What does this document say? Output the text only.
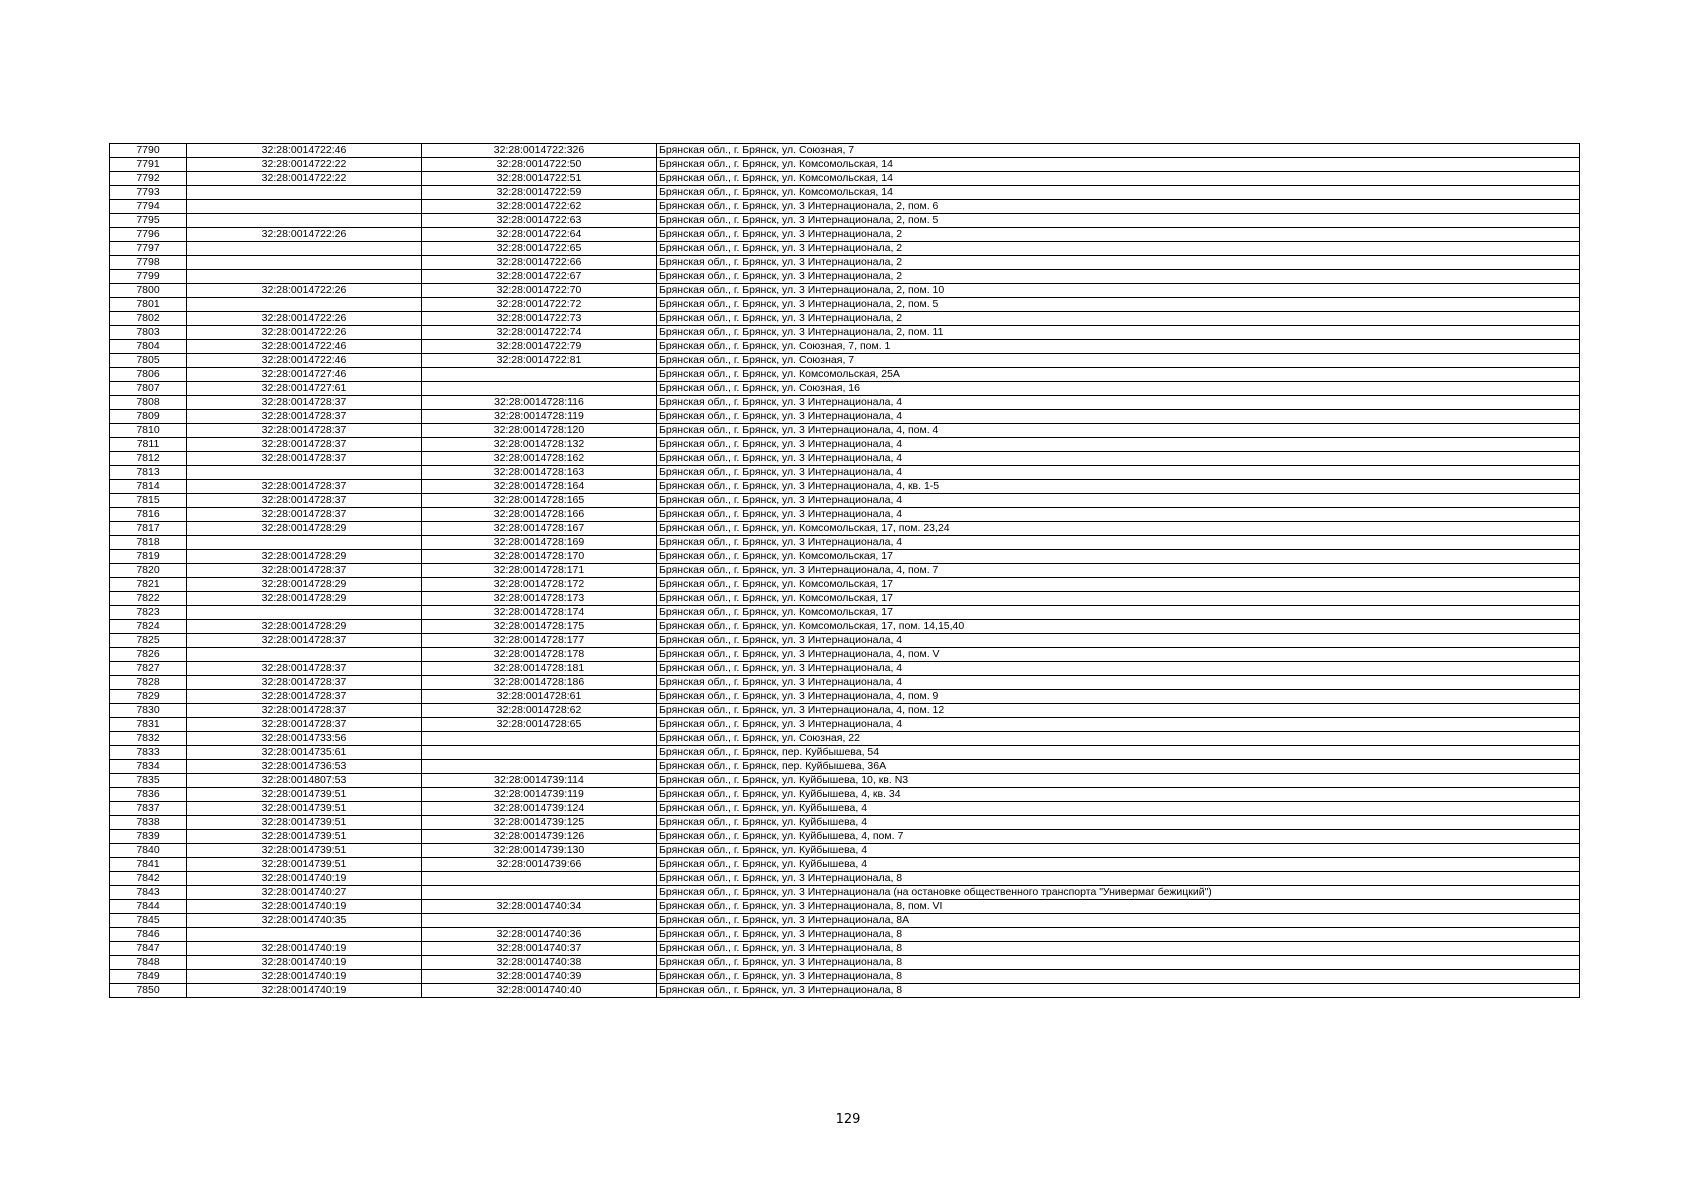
7790	32:28:0014722:46	32:28:0014722:326	Брянская обл., г. Брянск, ул. Союзная, 7
7791	32:28:0014722:22	32:28:0014722:50	Брянская обл., г. Брянск, ул. Комсомольская, 14
7792	32:28:0014722:22	32:28:0014722:51	Брянская обл., г. Брянск, ул. Комсомольская, 14
7793		32:28:0014722:59	Брянская обл., г. Брянск, ул. Комсомольская, 14
7794		32:28:0014722:62	Брянская обл., г. Брянск, ул. 3 Интернационала, 2, пом. 6
7795		32:28:0014722:63	Брянская обл., г. Брянск, ул. 3 Интернационала, 2, пом. 5
7796	32:28:0014722:26	32:28:0014722:64	Брянская обл., г. Брянск, ул. 3 Интернационала, 2
7797		32:28:0014722:65	Брянская обл., г. Брянск, ул. 3 Интернационала, 2
7798		32:28:0014722:66	Брянская обл., г. Брянск, ул. 3 Интернационала, 2
7799		32:28:0014722:67	Брянская обл., г. Брянск, ул. 3 Интернационала, 2
7800	32:28:0014722:26	32:28:0014722:70	Брянская обл., г. Брянск, ул. 3 Интернационала, 2, пом. 10
7801		32:28:0014722:72	Брянская обл., г. Брянск, ул. 3 Интернационала, 2, пом. 5
7802	32:28:0014722:26	32:28:0014722:73	Брянская обл., г. Брянск, ул. 3 Интернационала, 2
7803	32:28:0014722:26	32:28:0014722:74	Брянская обл., г. Брянск, ул. 3 Интернационала, 2, пом. 11
7804	32:28:0014722:46	32:28:0014722:79	Брянская обл., г. Брянск, ул. Союзная, 7, пом. 1
7805	32:28:0014722:46	32:28:0014722:81	Брянская обл., г. Брянск, ул. Союзная, 7
7806	32:28:0014727:46		Брянская обл., г. Брянск, ул. Комсомольская, 25А
7807	32:28:0014727:61		Брянская обл., г. Брянск, ул. Союзная, 16
7808	32:28:0014728:37	32:28:0014728:116	Брянская обл., г. Брянск, ул. 3 Интернационала, 4
7809	32:28:0014728:37	32:28:0014728:119	Брянская обл., г. Брянск, ул. 3 Интернационала, 4
7810	32:28:0014728:37	32:28:0014728:120	Брянская обл., г. Брянск, ул. 3 Интернационала, 4, пом. 4
7811	32:28:0014728:37	32:28:0014728:132	Брянская обл., г. Брянск, ул. 3 Интернационала, 4
7812	32:28:0014728:37	32:28:0014728:162	Брянская обл., г. Брянск, ул. 3 Интернационала, 4
7813		32:28:0014728:163	Брянская обл., г. Брянск, ул. 3 Интернационала, 4
7814	32:28:0014728:37	32:28:0014728:164	Брянская обл., г. Брянск, ул. 3 Интернационала, 4, кв. 1-5
7815	32:28:0014728:37	32:28:0014728:165	Брянская обл., г. Брянск, ул. 3 Интернационала, 4
7816	32:28:0014728:37	32:28:0014728:166	Брянская обл., г. Брянск, ул. 3 Интернационала, 4
7817	32:28:0014728:29	32:28:0014728:167	Брянская обл., г. Брянск, ул. Комсомольская, 17, пом. 23,24
7818		32:28:0014728:169	Брянская обл., г. Брянск, ул. 3 Интернационала, 4
7819	32:28:0014728:29	32:28:0014728:170	Брянская обл., г. Брянск, ул. Комсомольская, 17
7820	32:28:0014728:37	32:28:0014728:171	Брянская обл., г. Брянск, ул. 3 Интернационала, 4, пом. 7
7821	32:28:0014728:29	32:28:0014728:172	Брянская обл., г. Брянск, ул. Комсомольская, 17
7822	32:28:0014728:29	32:28:0014728:173	Брянская обл., г. Брянск, ул. Комсомольская, 17
7823		32:28:0014728:174	Брянская обл., г. Брянск, ул. Комсомольская, 17
7824	32:28:0014728:29	32:28:0014728:175	Брянская обл., г. Брянск, ул. Комсомольская, 17, пом. 14,15,40
7825	32:28:0014728:37	32:28:0014728:177	Брянская обл., г. Брянск, ул. 3 Интернационала, 4
7826		32:28:0014728:178	Брянская обл., г. Брянск, ул. 3 Интернационала, 4, пом. V
7827	32:28:0014728:37	32:28:0014728:181	Брянская обл., г. Брянск, ул. 3 Интернационала, 4
7828	32:28:0014728:37	32:28:0014728:186	Брянская обл., г. Брянск, ул. 3 Интернационала, 4
7829	32:28:0014728:37	32:28:0014728:61	Брянская обл., г. Брянск, ул. 3 Интернационала, 4, пом. 9
7830	32:28:0014728:37	32:28:0014728:62	Брянская обл., г. Брянск, ул. 3 Интернационала, 4, пом. 12
7831	32:28:0014728:37	32:28:0014728:65	Брянская обл., г. Брянск, ул. 3 Интернационала, 4
7832	32:28:0014733:56		Брянская обл., г. Брянск, ул. Союзная, 22
7833	32:28:0014735:61		Брянская обл., г. Брянск, пер. Куйбышева, 54
7834	32:28:0014736:53		Брянская обл., г. Брянск, пер. Куйбышева, 36А
7835	32:28:0014807:53	32:28:0014739:114	Брянская обл., г. Брянск, ул. Куйбышева, 10, кв. N3
7836	32:28:0014739:51	32:28:0014739:119	Брянская обл., г. Брянск, ул. Куйбышева, 4, кв. 34
7837	32:28:0014739:51	32:28:0014739:124	Брянская обл., г. Брянск, ул. Куйбышева, 4
7838	32:28:0014739:51	32:28:0014739:125	Брянская обл., г. Брянск, ул. Куйбышева, 4
7839	32:28:0014739:51	32:28:0014739:126	Брянская обл., г. Брянск, ул. Куйбышева, 4, пом. 7
7840	32:28:0014739:51	32:28:0014739:130	Брянская обл., г. Брянск, ул. Куйбышева, 4
7841	32:28:0014739:51	32:28:0014739:66	Брянская обл., г. Брянск, ул. Куйбышева, 4
7842	32:28:0014740:19		Брянская обл., г. Брянск, ул. 3 Интернационала, 8
7843	32:28:0014740:27		Брянская обл., г. Брянск, ул. 3 Интернационала (на остановке общественного транспорта "Универмаг бежицкий")
7844	32:28:0014740:19	32:28:0014740:34	Брянская обл., г. Брянск, ул. 3 Интернационала, 8, пом. VI
7845	32:28:0014740:35		Брянская обл., г. Брянск, ул. 3 Интернационала, 8А
7846		32:28:0014740:36	Брянская обл., г. Брянск, ул. 3 Интернационала, 8
7847	32:28:0014740:19	32:28:0014740:37	Брянская обл., г. Брянск, ул. 3 Интернационала, 8
7848	32:28:0014740:19	32:28:0014740:38	Брянская обл., г. Брянск, ул. 3 Интернационала, 8
7849	32:28:0014740:19	32:28:0014740:39	Брянская обл., г. Брянск, ул. 3 Интернационала, 8
7850	32:28:0014740:19	32:28:0014740:40	Брянская обл., г. Брянск, ул. 3 Интернационала, 8
129
